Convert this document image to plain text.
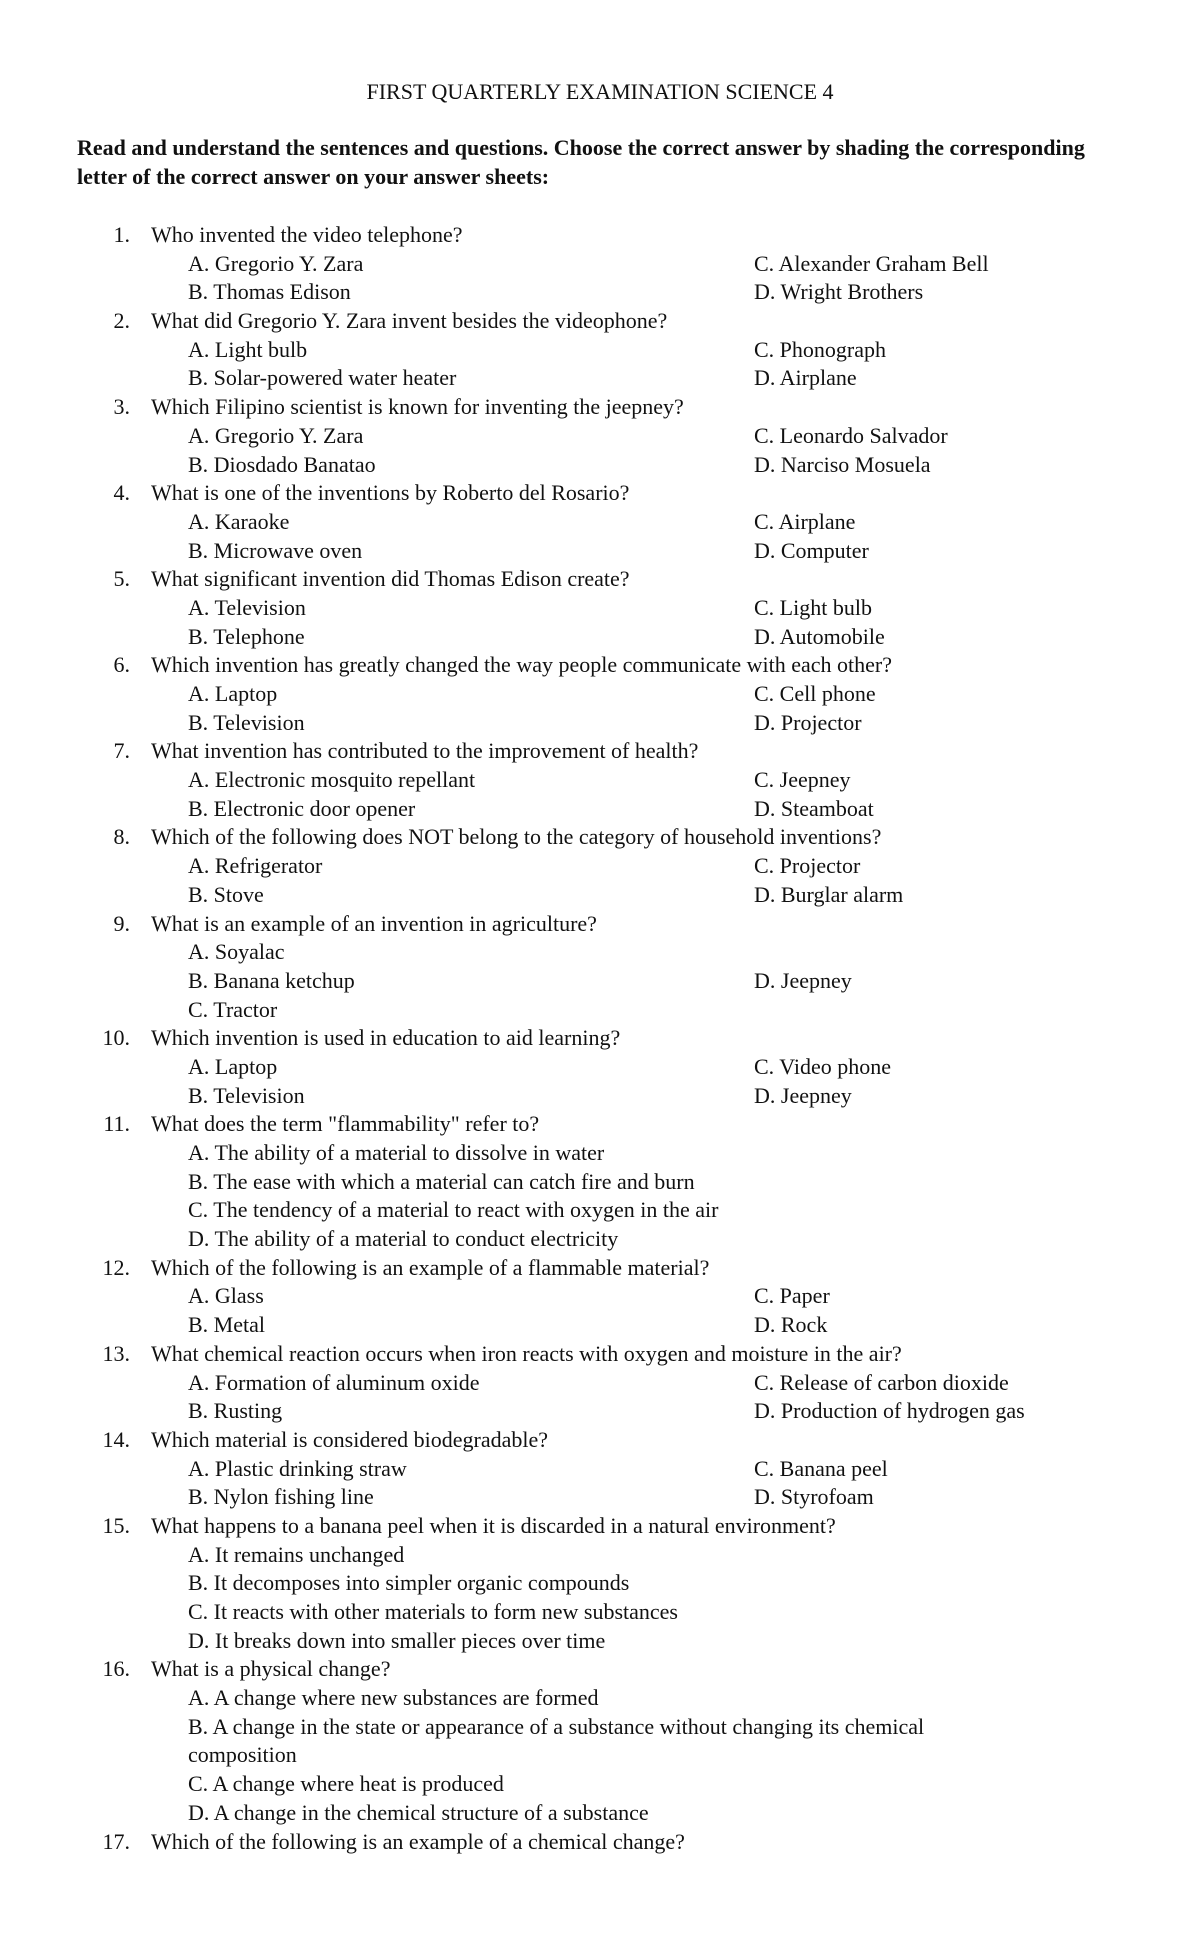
FIRST QUARTERLY EXAMINATION SCIENCE 4
Read and understand the sentences and questions. Choose the correct answer by shading the corresponding letter of the correct answer on your answer sheets:
1. Who invented the video telephone?
A. Gregorio Y. Zara	C. Alexander Graham Bell
B. Thomas Edison	D. Wright Brothers
2. What did Gregorio Y. Zara invent besides the videophone?
A. Light bulb	C. Phonograph
B. Solar-powered water heater	D. Airplane
3. Which Filipino scientist is known for inventing the jeepney?
A. Gregorio Y. Zara	C. Leonardo Salvador
B. Diosdado Banatao	D. Narciso Mosuela
4. What is one of the inventions by Roberto del Rosario?
A. Karaoke	C. Airplane
B. Microwave oven	D. Computer
5. What significant invention did Thomas Edison create?
A. Television	C. Light bulb
B. Telephone	D. Automobile
6. Which invention has greatly changed the way people communicate with each other?
A. Laptop	C. Cell phone
B. Television	D. Projector
7. What invention has contributed to the improvement of health?
A. Electronic mosquito repellant	C. Jeepney
B. Electronic door opener	D. Steamboat
8. Which of the following does NOT belong to the category of household inventions?
A. Refrigerator	C. Projector
B. Stove	D. Burglar alarm
9. What is an example of an invention in agriculture?
A. Soyalac
B. Banana ketchup	D. Jeepney
C. Tractor
10. Which invention is used in education to aid learning?
A. Laptop	C. Video phone
B. Television	D. Jeepney
11. What does the term "flammability" refer to?
A. The ability of a material to dissolve in water
B. The ease with which a material can catch fire and burn
C. The tendency of a material to react with oxygen in the air
D. The ability of a material to conduct electricity
12. Which of the following is an example of a flammable material?
A. Glass	C. Paper
B. Metal	D. Rock
13. What chemical reaction occurs when iron reacts with oxygen and moisture in the air?
A. Formation of aluminum oxide	C. Release of carbon dioxide
B. Rusting	D. Production of hydrogen gas
14. Which material is considered biodegradable?
A. Plastic drinking straw	C. Banana peel
B. Nylon fishing line	D. Styrofoam
15. What happens to a banana peel when it is discarded in a natural environment?
A. It remains unchanged
B. It decomposes into simpler organic compounds
C. It reacts with other materials to form new substances
D. It breaks down into smaller pieces over time
16. What is a physical change?
A. A change where new substances are formed
B. A change in the state or appearance of a substance without changing its chemical
composition
C. A change where heat is produced
D. A change in the chemical structure of a substance
17. Which of the following is an example of a chemical change?
